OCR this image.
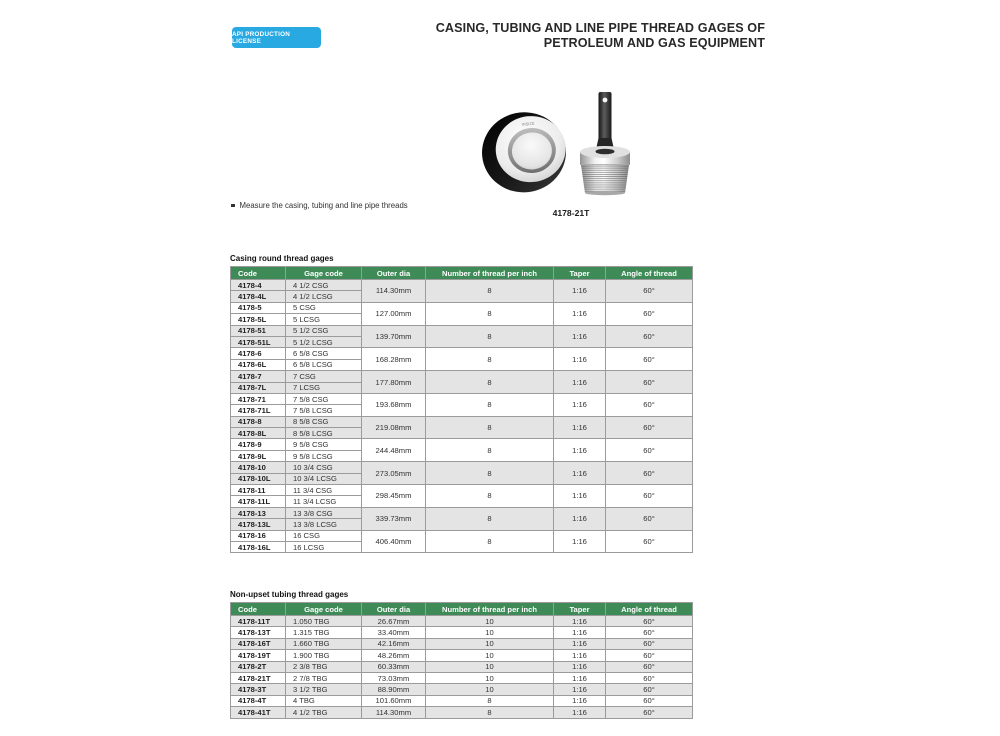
API PRODUCTION LICENSE
CASING, TUBING AND LINE PIPE THREAD GAGES OF
PETROLEUM AND GAS EQUIPMENT
INSIZE
4178-21T
Measure the casing, tubing and line pipe threads
Casing round thread gages
Code	Gage code	Outer dia	Number of thread per inch	Taper	Angle of thread
4178-4	4 1/2 CSG	114.30mm	8	1:16	60°
4178-4L	4 1/2 LCSG				
4178-5	5 CSG	127.00mm	8	1:16	60°
4178-5L	5 LCSG				
4178-51	5 1/2 CSG	139.70mm	8	1:16	60°
4178-51L	5 1/2 LCSG				
4178-6	6 5/8 CSG	168.28mm	8	1:16	60°
4178-6L	6 5/8 LCSG				
4178-7	7 CSG	177.80mm	8	1:16	60°
4178-7L	7 LCSG				
4178-71	7 5/8 CSG	193.68mm	8	1:16	60°
4178-71L	7 5/8 LCSG				
4178-8	8 5/8 CSG	219.08mm	8	1:16	60°
4178-8L	8 5/8 LCSG				
4178-9	9 5/8 CSG	244.48mm	8	1:16	60°
4178-9L	9 5/8 LCSG				
4178-10	10 3/4 CSG	273.05mm	8	1:16	60°
4178-10L	10 3/4 LCSG				
4178-11	11 3/4 CSG	298.45mm	8	1:16	60°
4178-11L	11 3/4 LCSG				
4178-13	13 3/8 CSG	339.73mm	8	1:16	60°
4178-13L	13 3/8 LCSG				
4178-16	16 CSG	406.40mm	8	1:16	60°
4178-16L	16 LCSG				
Non-upset tubing thread gages
Code	Gage code	Outer dia	Number of thread per inch	Taper	Angle of thread
4178-11T	1.050 TBG	26.67mm	10	1:16	60°
4178-13T	1.315 TBG	33.40mm	10	1:16	60°
4178-16T	1.660 TBG	42.16mm	10	1:16	60°
4178-19T	1.900 TBG	48.26mm	10	1:16	60°
4178-2T	2 3/8 TBG	60.33mm	10	1:16	60°
4178-21T	2 7/8 TBG	73.03mm	10	1:16	60°
4178-3T	3 1/2 TBG	88.90mm	10	1:16	60°
4178-4T	4 TBG	101.60mm	8	1:16	60°
4178-41T	4 1/2 TBG	114.30mm	8	1:16	60°
